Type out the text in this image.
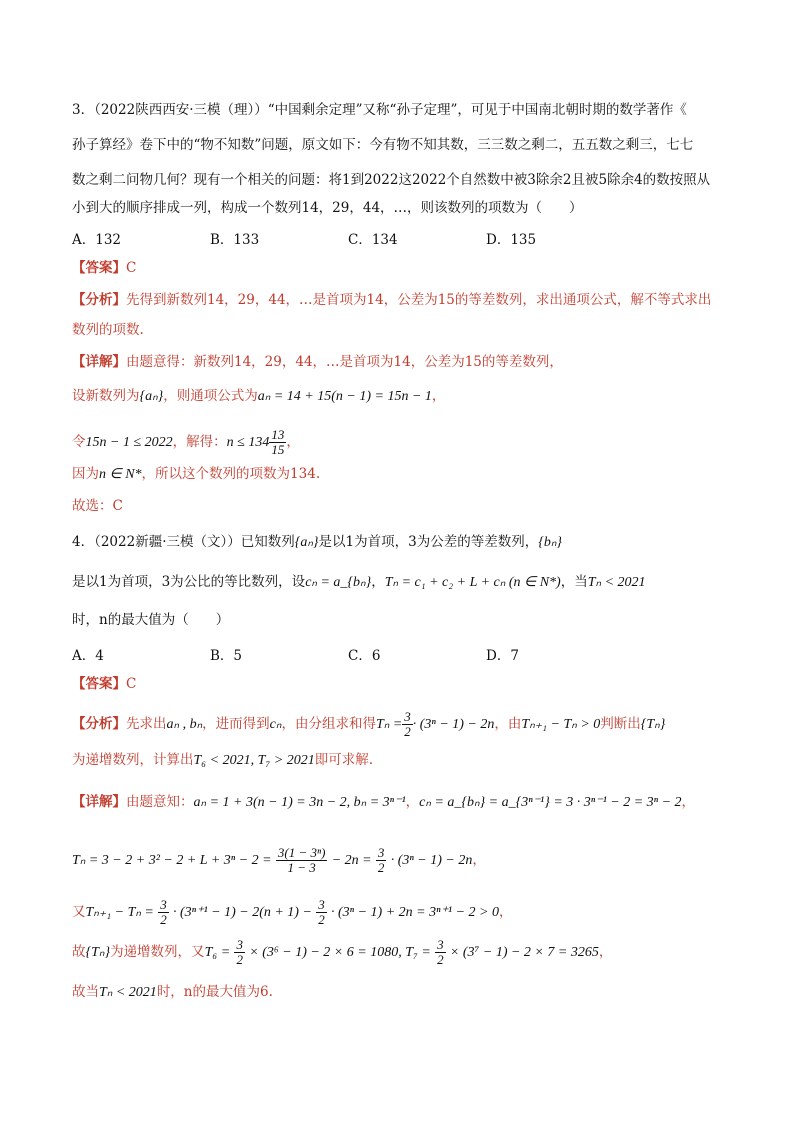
3．（2022陕西西安·三模（理））“中国剩余定理”又称“孙子定理”，可见于中国南北朝时期的数学著作《
孙子算经》卷下中的“物不知数”问题，原文如下：今有物不知其数，三三数之剩二，五五数之剩三，七七
数之剩二问物几何？现有一个相关的问题：将1到2022这2022个自然数中被3除余2且被5除余4的数按照从
小到大的顺序排成一列，构成一个数列14，29，44，…，则该数列的项数为（　　）
A．132	B．133	C．134	D．135
【答案】C
【分析】先得到新数列14，29，44，…是首项为14，公差为15的等差数列，求出通项公式，解不等式求出
数列的项数.
【详解】由题意得：新数列14，29，44，…是首项为14，公差为15的等差数列，
设新数列为{aₙ}，则通项公式为aₙ = 14 + 15(n − 1) = 15n − 1，
令15n − 1 ≤ 2022，解得：$n \le 134 \frac{13}{15}$ ，
因为n ∈ N*，所以这个数列的项数为134.
故选：C
4．（2022新疆·三模（文））已知数列{aₙ}是以1为首项，3为公差的等差数列，{bₙ}
是以1为首项，3为公比的等比数列，设cₙ = a_{bₙ}，Tₙ = c₁ + c₂ + L + cₙ (n ∈ N*)，当Tₙ < 2021
时，n的最大值为（　　）
A．4	B．5	C．6	D．7
【答案】C
【分析】先求出aₙ , bₙ，进而得到cₙ，由分组求和得$T_n = \frac{3}{2} \cdot (3^n - 1) - 2n$，由Tₙ₊₁ − Tₙ > 0判断出{Tₙ}
为递增数列，计算出T₆ < 2021, T₇ > 2021即可求解.
【详解】由题意知：aₙ = 1 + 3(n − 1) = 3n − 2, bₙ = 3ⁿ⁻¹，cₙ = a_{bₙ} = a_{3ⁿ⁻¹} = 3 · 3ⁿ⁻¹ − 2 = 3ⁿ − 2，
$T_n = 3 - 2 + 3^2 - 2 + L + 3^n - 2 = \frac{\text{3(1 − 3ⁿ)}}{1 - 3} - 2n = \frac{3}{2} \cdot (3^n - 1) - 2n$，
又$T_{n+1} - T_n = \frac{3}{2} \cdot (3^{n+1} - 1) - 2(n + 1) - \frac{3}{2} \cdot (3^n - 1) + 2n = 3^{n+1} - 2 > 0$，
故{Tₙ}为递增数列，又$T_6 = \frac{3}{2} \times (3^6 - 1) - 2 \times 6 = 1080$, $T_7 = \frac{3}{2} \times (3^7 - 1) - 2 \times 7 = 3265$，
故当Tₙ < 2021时，n的最大值为6.
